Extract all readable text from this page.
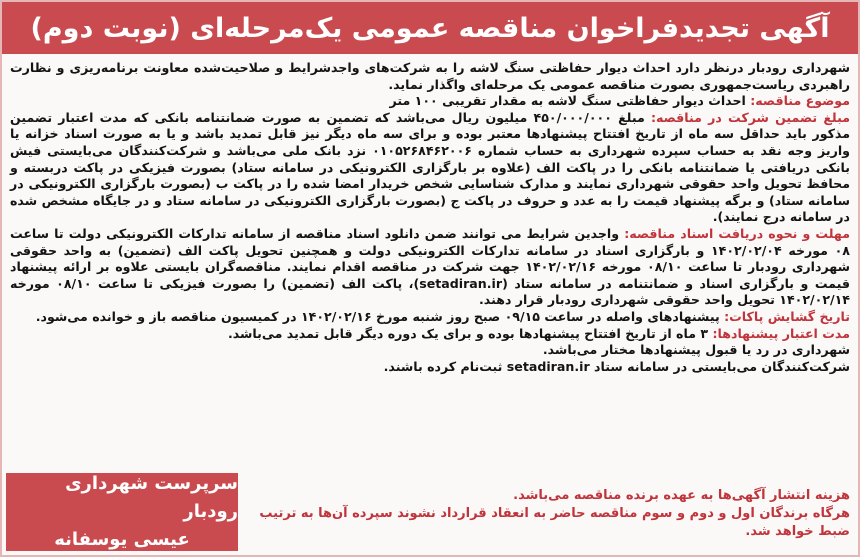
آگهی تجدیدفراخوان مناقصه عمومی یک‌مرحله‌ای (نوبت دوم)

شهرداری رودبار درنظر دارد احداث دیوار حفاظتی سنگ لاشه را به شرکت‌های واجدشرایط و صلاحیت‌شده معاونت برنامه‌ریزی و نظارت راهبردی ریاست‌جمهوری بصورت مناقصه عمومی یک مرحله‌ای واگذار نماید.

موضوع مناقصه: احداث دیوار حفاظتی سنگ لاشه به مقدار تقریبی ۱۰۰ متر

مبلغ تضمین شرکت در مناقصه: مبلغ ۴۵۰/۰۰۰/۰۰۰ میلیون ریال می‌باشد که تضمین به صورت ضمانتنامه بانکی که مدت اعتبار تضمین مذکور باید حداقل سه ماه از تاریخ افتتاح پیشنهادها معتبر بوده و برای سه ماه دیگر نیز قابل تمدید باشد و یا به صورت اسناد خزانه یا واریز وجه نقد به حساب سپرده شهرداری به حساب شماره ۰۱۰۵۲۶۸۴۶۲۰۰۶ نزد بانک ملی می‌باشد و شرکت‌کنندگان می‌بایستی فیش بانکی دریافتی یا ضمانتنامه بانکی را در پاکت الف (علاوه بر بارگزاری الکترونیکی در سامانه ستاد) بصورت فیزیکی در پاکت دربسته و محافظ تحویل واحد حقوقی شهرداری نمایند و مدارک شناسایی شخص خریدار امضا شده را در پاکت ب (بصورت بارگزاری الکترونیکی در سامانه ستاد) و برگه پیشنهاد قیمت را به عدد و حروف در پاکت ج (بصورت بارگزاری الکترونیکی در سامانه ستاد و در جایگاه مشخص شده در سامانه درج نمایند).

مهلت و نحوه دریافت اسناد مناقصه: واجدین شرایط می توانند ضمن دانلود اسناد مناقصه از سامانه تدارکات الکترونیکی دولت تا ساعت ۰۸ مورخه ۱۴۰۲/۰۲/۰۴ و بارگزاری اسناد در سامانه تدارکات الکترونیکی دولت و همچنین تحویل پاکت الف (تضمین) به واحد حقوقی شهرداری رودبار تا ساعت ۰۸/۱۰ مورخه ۱۴۰۲/۰۲/۱۶ جهت شرکت در مناقصه اقدام نمایند. مناقصه‌گران بایستی علاوه بر ارائه پیشنهاد قیمت و بارگزاری اسناد و ضمانتنامه در سامانه ستاد (setadiran.ir)، پاکت الف (تضمین) را بصورت فیزیکی تا ساعت ۰۸/۱۰ مورخه ۱۴۰۲/۰۲/۱۴ تحویل واحد حقوقی شهرداری رودبار قرار دهند.

تاریخ گشایش پاکات: پیشنهادهای واصله در ساعت ۰۹/۱۵ صبح روز شنبه مورخ ۱۴۰۲/۰۲/۱۶ در کمیسیون مناقصه باز و خوانده می‌شود.

مدت اعتبار پیشنهادها: ۳ ماه از تاریخ افتتاح پیشنهادها بوده و برای یک دوره دیگر قابل تمدید می‌باشد.

شهرداری در رد یا قبول پیشنهادها مختار می‌باشد.

شرکت‌کنندگان می‌بایستی در سامانه ستاد setadiran.ir ثبت‌نام کرده باشند.

هزینه انتشار آگهی‌ها به عهده برنده مناقصه می‌باشد.

هرگاه برندگان اول و دوم و سوم مناقصه حاضر به انعقاد قرارداد نشوند سپرده آن‌ها به ترتیب ضبط خواهد شد.

سرپرست شهرداری رودبار
عیسی یوسفانه
